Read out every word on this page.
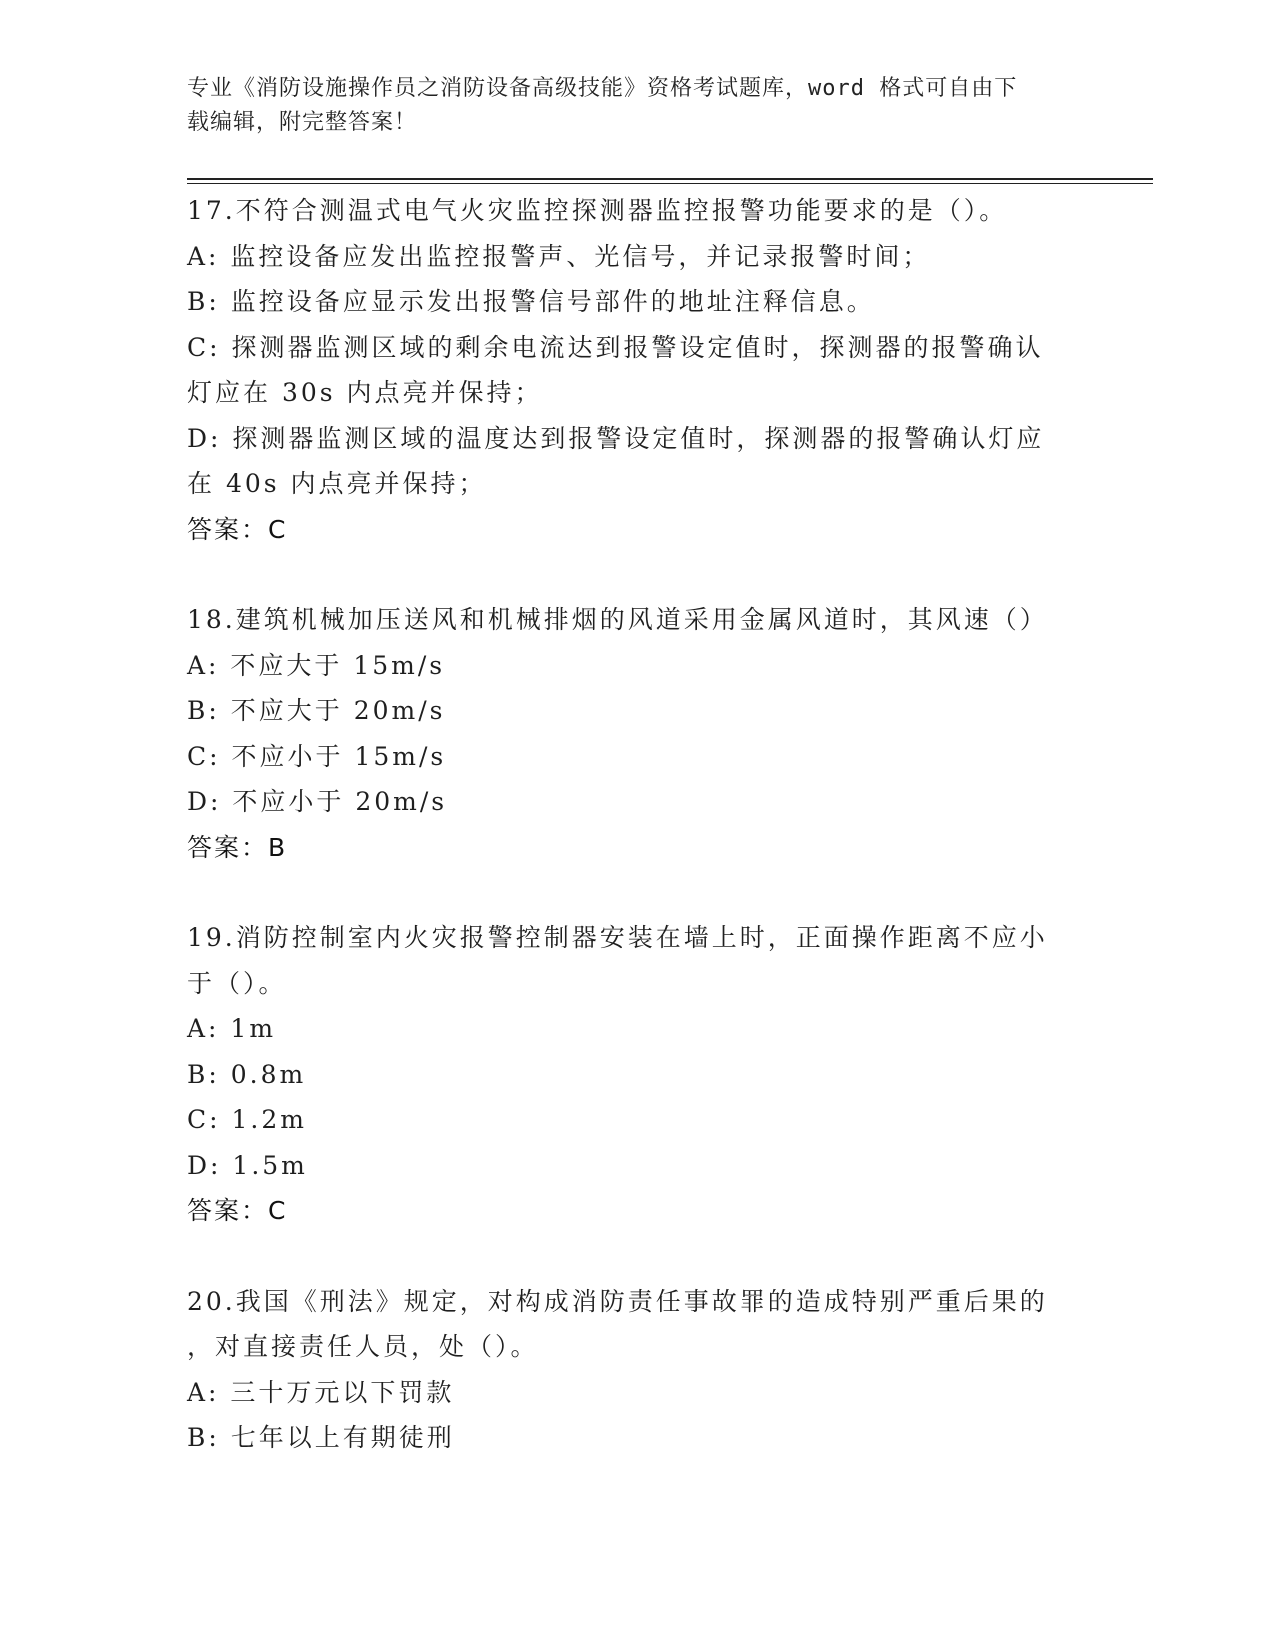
专业《消防设施操作员之消防设备高级技能》资格考试题库，word 格式可自由下
载编辑，附完整答案！
17.不符合测温式电气火灾监控探测器监控报警功能要求的是（）。
A: 监控设备应发出监控报警声、光信号，并记录报警时间；
B: 监控设备应显示发出报警信号部件的地址注释信息。
C: 探测器监测区域的剩余电流达到报警设定值时，探测器的报警确认
灯应在 30s 内点亮并保持；
D: 探测器监测区域的温度达到报警设定值时，探测器的报警确认灯应
在 40s 内点亮并保持；
答案：C
18.建筑机械加压送风和机械排烟的风道采用金属风道时，其风速（）
A: 不应大于 15m/s
B: 不应大于 20m/s
C: 不应小于 15m/s
D: 不应小于 20m/s
答案：B
19.消防控制室内火灾报警控制器安装在墙上时，正面操作距离不应小
于（）。
A: 1m
B: 0.8m
C: 1.2m
D: 1.5m
答案：C
20.我国《刑法》规定，对构成消防责任事故罪的造成特别严重后果的
，对直接责任人员，处（）。
A: 三十万元以下罚款
B: 七年以上有期徒刑
